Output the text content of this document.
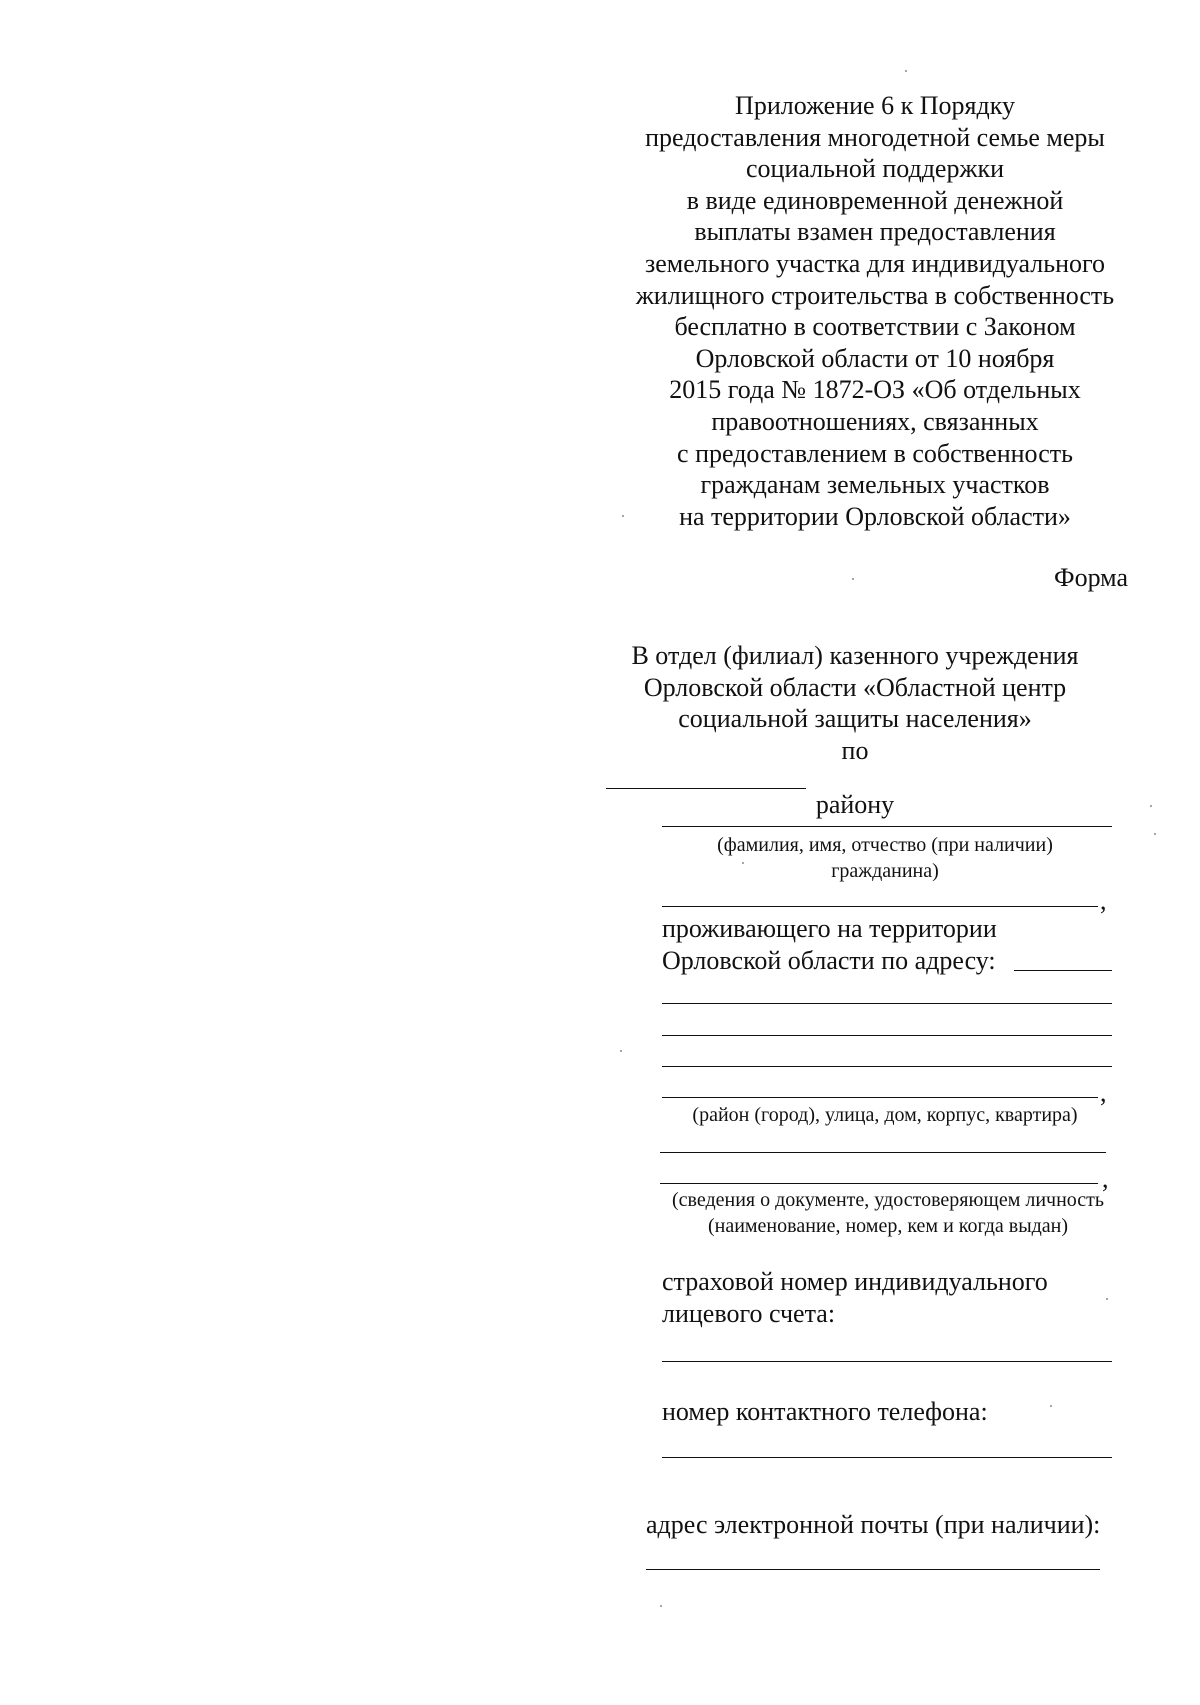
Приложение 6 к Порядку
предоставления многодетной семье меры
социальной поддержки
в виде единовременной денежной
выплаты взамен предоставления
земельного участка для индивидуального
жилищного строительства в собственность
бесплатно в соответствии с Законом
Орловской области от 10 ноября
2015 года № 1872-ОЗ «Об отдельных
правоотношениях, связанных
с предоставлением в собственность
гражданам земельных участков
на территории Орловской области»
Форма
В отдел (филиал) казенного учреждения
Орловской области «Областной центр
социальной защиты населения»
по
району
(фамилия, имя, отчество (при наличии)
гражданина)
,
проживающего на территории
Орловской области по адресу:
,
(район (город), улица, дом, корпус, квартира)
,
(сведения о документе, удостоверяющем личность
(наименование, номер, кем и когда выдан)
страховой номер индивидуального
лицевого счета:
номер контактного телефона:
адрес электронной почты (при наличии):
